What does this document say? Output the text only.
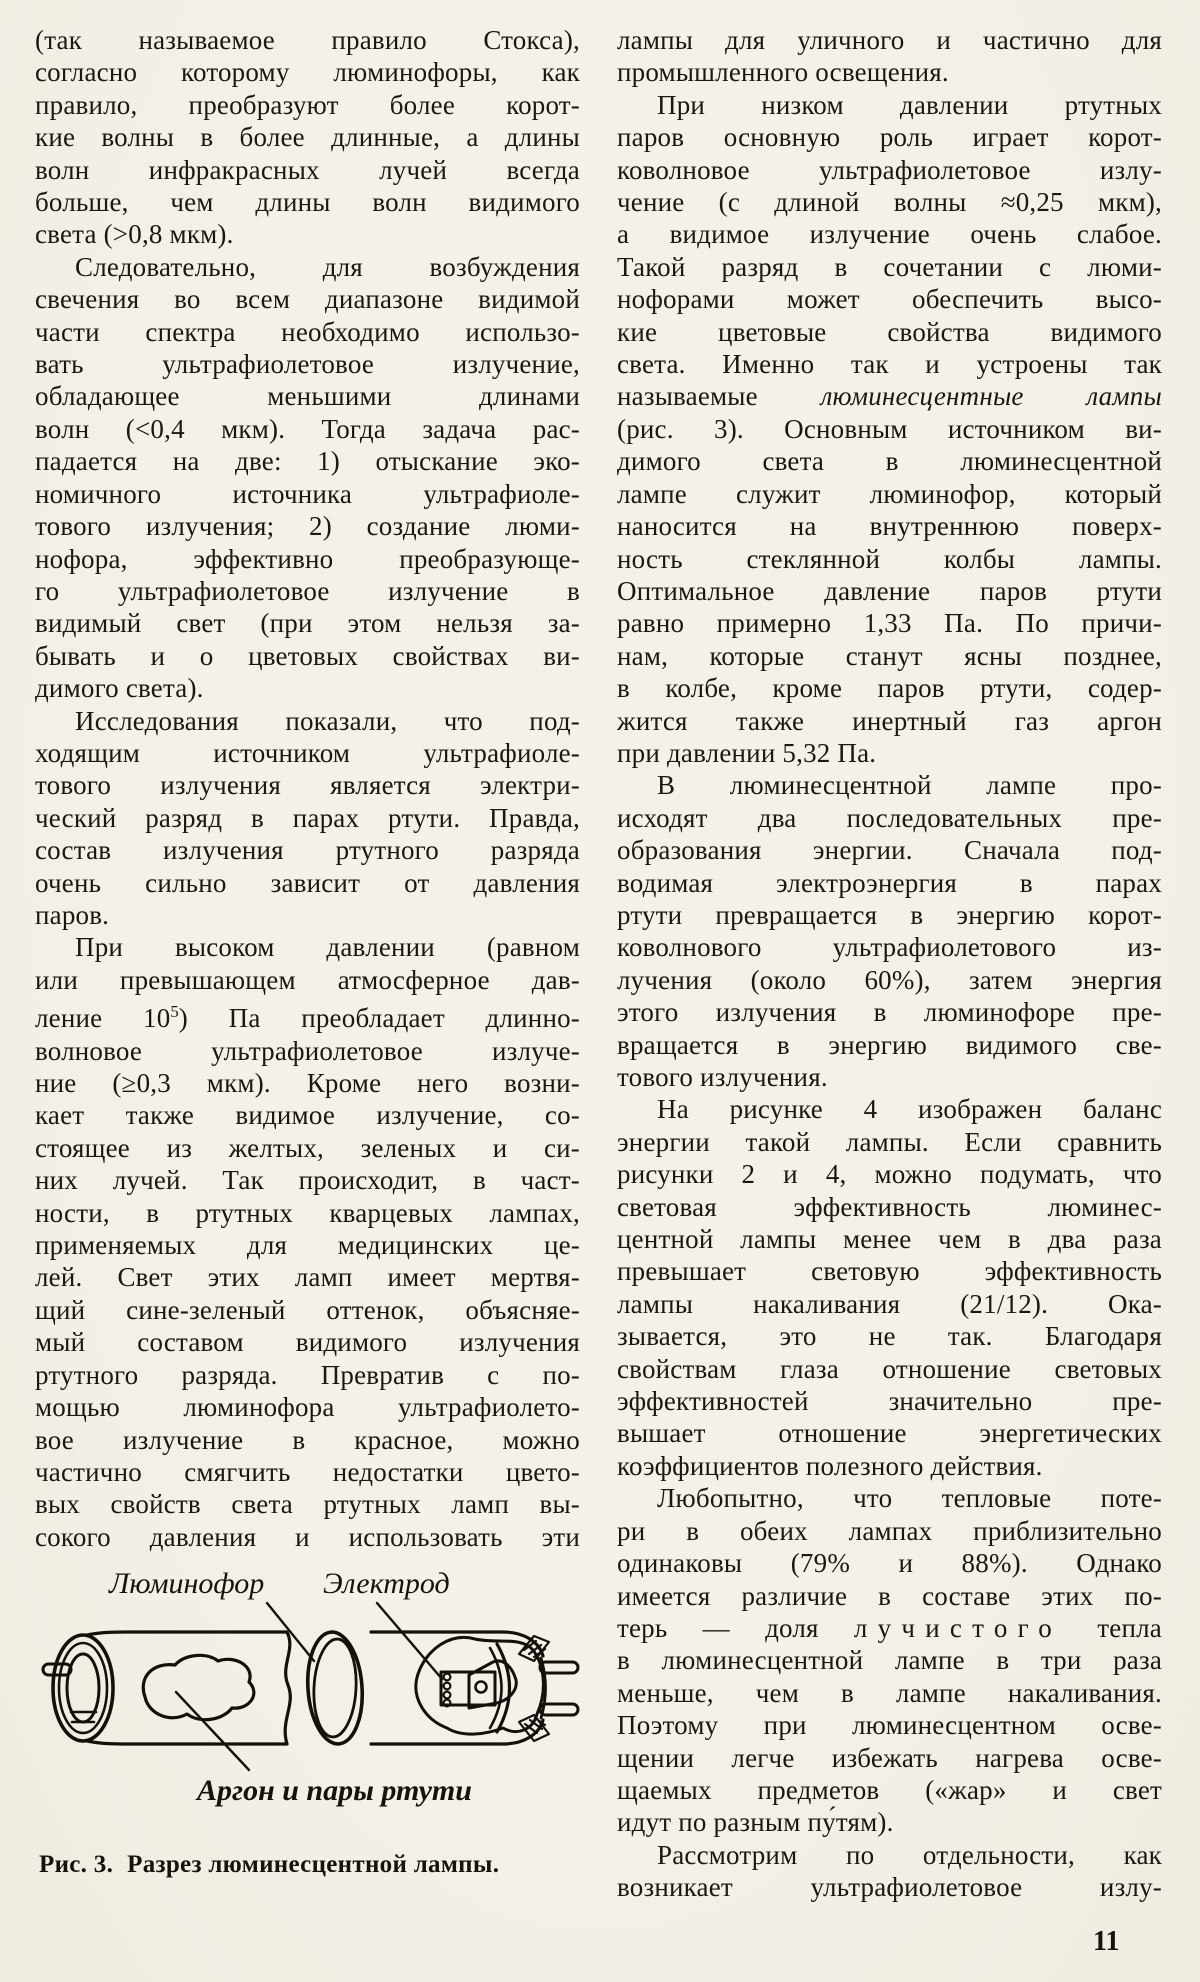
(так называемое правило Стокса),
согласно которому люминофоры, как
правило, преобразуют более корот-
кие волны в более длинные, а длины
волн инфракрасных лучей всегда
больше, чем длины волн видимого
света (>0,8 мкм).
Следовательно, для возбуждения
свечения во всем диапазоне видимой
части спектра необходимо использо-
вать ультрафиолетовое излучение,
обладающее меньшими длинами
волн (<0,4 мкм). Тогда задача рас-
падается на две: 1) отыскание эко-
номичного источника ультрафиоле-
тового излучения; 2) создание люми-
нофора, эффективно преобразующе-
го ультрафиолетовое излучение в
видимый свет (при этом нельзя за-
бывать и о цветовых свойствах ви-
димого света).
Исследования показали, что под-
ходящим источником ультрафиоле-
тового излучения является электри-
ческий разряд в парах ртути. Правда,
состав излучения ртутного разряда
очень сильно зависит от давления
паров.
При высоком давлении (равном
или превышающем атмосферное дав-
ление $10^5$) Па преобладает длинно-
волновое ультрафиолетовое излуче-
ние (≥0,3 мкм). Кроме него возни-
кает также видимое излучение, со-
стоящее из желтых, зеленых и си-
них лучей. Так происходит, в част-
ности, в ртутных кварцевых лампах,
применяемых для медицинских це-
лей. Свет этих ламп имеет мертвя-
щий сине-зеленый оттенок, объясняе-
мый составом видимого излучения
ртутного разряда. Превратив с по-
мощью люминофора ультрафиолето-
вое излучение в красное, можно
частично смягчить недостатки цвето-
вых свойств света ртутных ламп вы-
сокого давления и использовать эти
лампы для уличного и частично для
промышленного освещения.
При низком давлении ртутных
паров основную роль играет корот-
коволновое ультрафиолетовое излу-
чение (с длиной волны ≈0,25 мкм),
а видимое излучение очень слабое.
Такой разряд в сочетании с люми-
нофорами может обеспечить высо-
кие цветовые свойства видимого
света. Именно так и устроены так
называемые люминесцентные лампы
(рис. 3). Основным источником ви-
димого света в люминесцентной
лампе служит люминофор, который
наносится на внутреннюю поверх-
ность стеклянной колбы лампы.
Оптимальное давление паров ртути
равно примерно 1,33 Па. По причи-
нам, которые станут ясны позднее,
в колбе, кроме паров ртути, содер-
жится также инертный газ аргон
при давлении 5,32 Па.
В люминесцентной лампе про-
исходят два последовательных пре-
образования энергии. Сначала под-
водимая электроэнергия в парах
ртути превращается в энергию корот-
коволнового ультрафиолетового из-
лучения (около 60%), затем энергия
этого излучения в люминофоре пре-
вращается в энергию видимого све-
тового излучения.
На рисунке 4 изображен баланс
энергии такой лампы. Если сравнить
рисунки 2 и 4, можно подумать, что
световая эффективность люминес-
центной лампы менее чем в два раза
превышает световую эффективность
лампы накаливания (21/12). Ока-
зывается, это не так. Благодаря
свойствам глаза отношение световых
эффективностей значительно пре-
вышает отношение энергетических
коэффициентов полезного действия.
Любопытно, что тепловые поте-
ри в обеих лампах приблизительно
одинаковы (79% и 88%). Однако
имеется различие в составе этих по-
терь — доля лучистого тепла
в люминесцентной лампе в три раза
меньше, чем в лампе накаливания.
Поэтому при люминесцентном осве-
щении легче избежать нагрева осве-
щаемых предметов («жар» и свет
идут по разным пу́тям).
Рассмотрим по отдельности, как
возникает ультрафиолетовое излу-
Люминофор Электрод
Аргон и пары ртути
Рис. 3. Разрез люминесцентной лампы.
11
